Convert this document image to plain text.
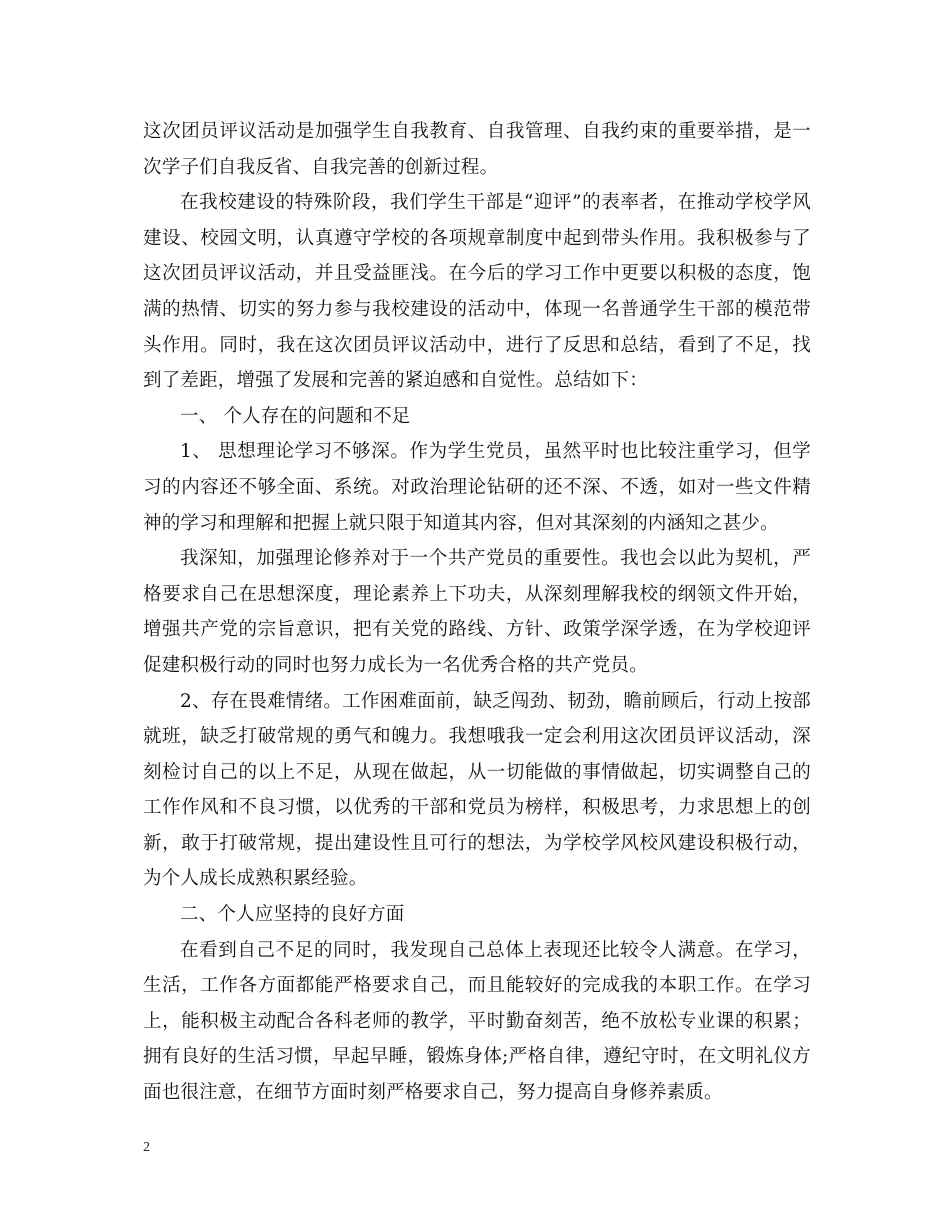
这次团员评议活动是加强学生自我教育、自我管理、自我约束的重要举措，是一次学子们自我反省、自我完善的创新过程。

在我校建设的特殊阶段，我们学生干部是“迎评”的表率者，在推动学校学风建设、校园文明，认真遵守学校的各项规章制度中起到带头作用。我积极参与了这次团员评议活动，并且受益匪浅。在今后的学习工作中更要以积极的态度，饱满的热情、切实的努力参与我校建设的活动中，体现一名普通学生干部的模范带头作用。同时，我在这次团员评议活动中，进行了反思和总结，看到了不足，找到了差距，增强了发展和完善的紧迫感和自觉性。总结如下：

一、 个人存在的问题和不足

1、 思想理论学习不够深。作为学生党员，虽然平时也比较注重学习，但学习的内容还不够全面、系统。对政治理论钻研的还不深、不透，如对一些文件精神的学习和理解和把握上就只限于知道其内容，但对其深刻的内涵知之甚少。

我深知，加强理论修养对于一个共产党员的重要性。我也会以此为契机，严格要求自己在思想深度，理论素养上下功夫，从深刻理解我校的纲领文件开始，增强共产党的宗旨意识，把有关党的路线、方针、政策学深学透，在为学校迎评促建积极行动的同时也努力成长为一名优秀合格的共产党员。

2、存在畏难情绪。工作困难面前，缺乏闯劲、韧劲，瞻前顾后，行动上按部就班，缺乏打破常规的勇气和魄力。我想哦我一定会利用这次团员评议活动，深刻检讨自己的以上不足，从现在做起，从一切能做的事情做起，切实调整自己的工作作风和不良习惯，以优秀的干部和党员为榜样，积极思考，力求思想上的创新，敢于打破常规，提出建设性且可行的想法，为学校学风校风建设积极行动，为个人成长成熟积累经验。

二、个人应坚持的良好方面

在看到自己不足的同时，我发现自己总体上表现还比较令人满意。在学习，生活，工作各方面都能严格要求自己，而且能较好的完成我的本职工作。在学习上，能积极主动配合各科老师的教学，平时勤奋刻苦，绝不放松专业课的积累；拥有良好的生活习惯，早起早睡，锻炼身体;严格自律，遵纪守时，在文明礼仪方面也很注意，在细节方面时刻严格要求自己，努力提高自身修养素质。

2
